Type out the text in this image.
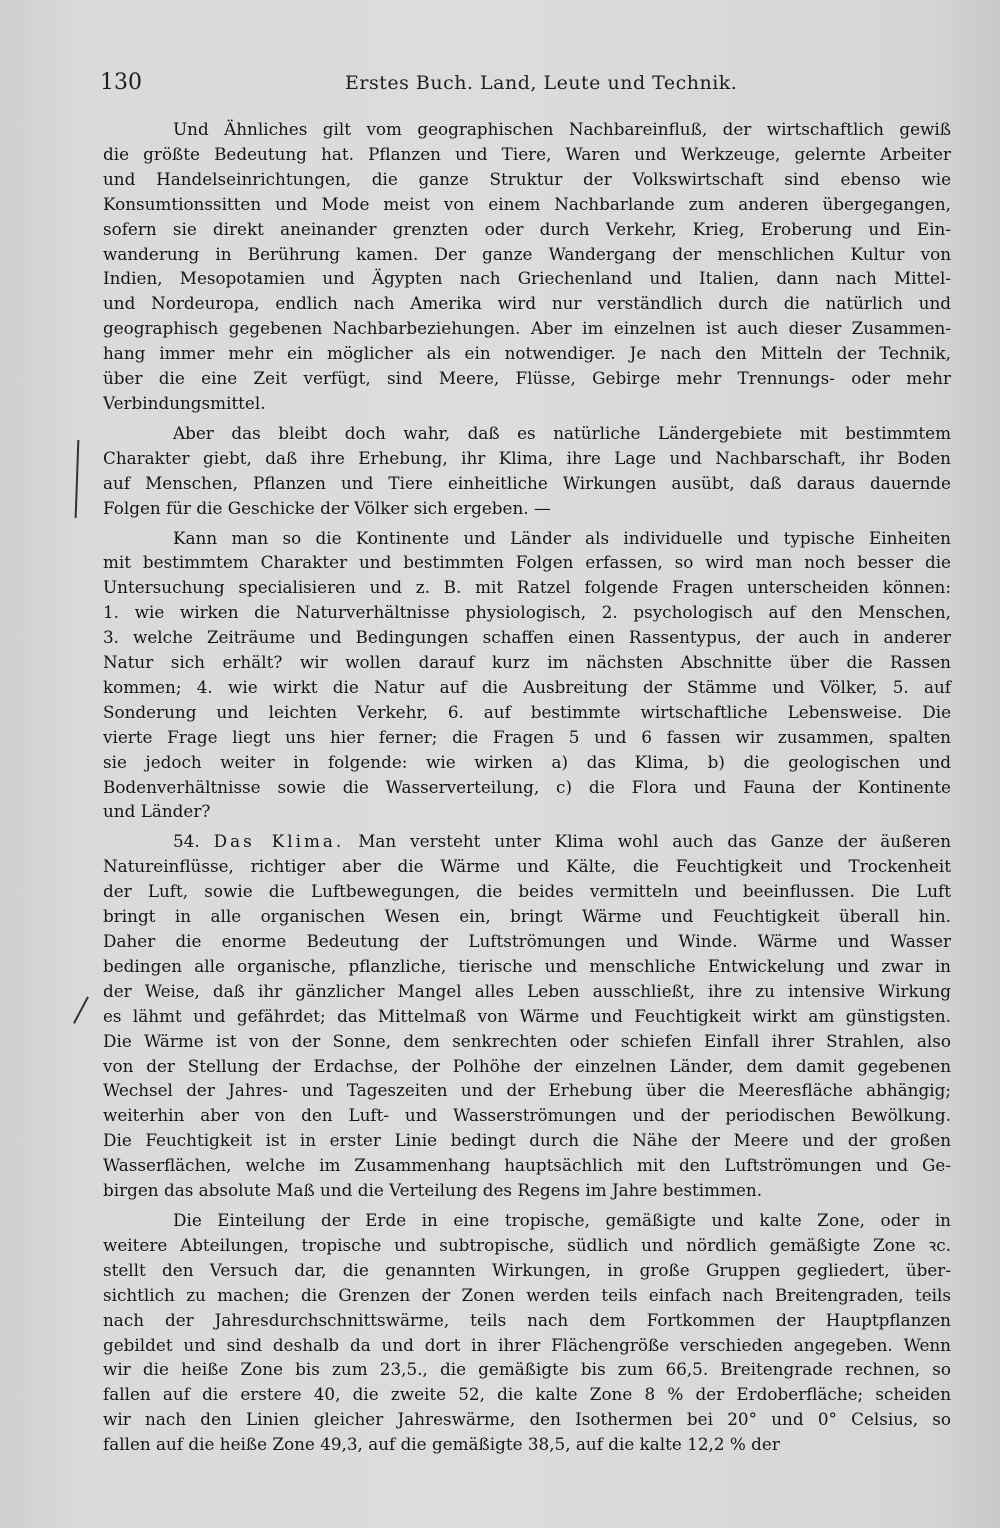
130	Erstes Buch. Land, Leute und Technik.
Und Ähnliches gilt vom geographischen Nachbareinfluß, der wirtschaftlich gewiß
die größte Bedeutung hat. Pflanzen und Tiere, Waren und Werkzeuge, gelernte Arbeiter
und Handelseinrichtungen, die ganze Struktur der Volkswirtschaft sind ebenso wie
Konsumtionssitten und Mode meist von einem Nachbarlande zum anderen übergegangen,
sofern sie direkt aneinander grenzten oder durch Verkehr, Krieg, Eroberung und Ein-
wanderung in Berührung kamen. Der ganze Wandergang der menschlichen Kultur von
Indien, Mesopotamien und Ägypten nach Griechenland und Italien, dann nach Mittel-
und Nordeuropa, endlich nach Amerika wird nur verständlich durch die natürlich und
geographisch gegebenen Nachbarbeziehungen. Aber im einzelnen ist auch dieser Zusammen-
hang immer mehr ein möglicher als ein notwendiger. Je nach den Mitteln der Technik,
über die eine Zeit verfügt, sind Meere, Flüsse, Gebirge mehr Trennungs- oder mehr
Verbindungsmittel.
Aber das bleibt doch wahr, daß es natürliche Ländergebiete mit bestimmtem
Charakter giebt, daß ihre Erhebung, ihr Klima, ihre Lage und Nachbarschaft, ihr Boden
auf Menschen, Pflanzen und Tiere einheitliche Wirkungen ausübt, daß daraus dauernde
Folgen für die Geschicke der Völker sich ergeben. —
Kann man so die Kontinente und Länder als individuelle und typische Einheiten
mit bestimmtem Charakter und bestimmten Folgen erfassen, so wird man noch besser die
Untersuchung specialisieren und z. B. mit Ratzel folgende Fragen unterscheiden können:
1. wie wirken die Naturverhältnisse physiologisch, 2. psychologisch auf den Menschen,
3. welche Zeiträume und Bedingungen schaffen einen Rassentypus, der auch in anderer
Natur sich erhält? wir wollen darauf kurz im nächsten Abschnitte über die Rassen
kommen; 4. wie wirkt die Natur auf die Ausbreitung der Stämme und Völker, 5. auf
Sonderung und leichten Verkehr, 6. auf bestimmte wirtschaftliche Lebensweise. Die
vierte Frage liegt uns hier ferner; die Fragen 5 und 6 fassen wir zusammen, spalten
sie jedoch weiter in folgende: wie wirken a) das Klima, b) die geologischen und
Bodenverhältnisse sowie die Wasserverteilung, c) die Flora und Fauna der Kontinente
und Länder?
54. Das Klima. Man versteht unter Klima wohl auch das Ganze der äußeren
Natureinflüsse, richtiger aber die Wärme und Kälte, die Feuchtigkeit und Trockenheit
der Luft, sowie die Luftbewegungen, die beides vermitteln und beeinflussen. Die Luft
bringt in alle organischen Wesen ein, bringt Wärme und Feuchtigkeit überall hin.
Daher die enorme Bedeutung der Luftströmungen und Winde. Wärme und Wasser
bedingen alle organische, pflanzliche, tierische und menschliche Entwickelung und zwar in
der Weise, daß ihr gänzlicher Mangel alles Leben ausschließt, ihre zu intensive Wirkung
es lähmt und gefährdet; das Mittelmaß von Wärme und Feuchtigkeit wirkt am günstigsten.
Die Wärme ist von der Sonne, dem senkrechten oder schiefen Einfall ihrer Strahlen, also
von der Stellung der Erdachse, der Polhöhe der einzelnen Länder, dem damit gegebenen
Wechsel der Jahres- und Tageszeiten und der Erhebung über die Meeresfläche abhängig;
weiterhin aber von den Luft- und Wasserströmungen und der periodischen Bewölkung.
Die Feuchtigkeit ist in erster Linie bedingt durch die Nähe der Meere und der großen
Wasserflächen, welche im Zusammenhang hauptsächlich mit den Luftströmungen und Ge-
birgen das absolute Maß und die Verteilung des Regens im Jahre bestimmen.
Die Einteilung der Erde in eine tropische, gemäßigte und kalte Zone, oder in
weitere Abteilungen, tropische und subtropische, südlich und nördlich gemäßigte Zone ꝛc.
stellt den Versuch dar, die genannten Wirkungen, in große Gruppen gegliedert, über-
sichtlich zu machen; die Grenzen der Zonen werden teils einfach nach Breitengraden, teils
nach der Jahresdurchschnittswärme, teils nach dem Fortkommen der Hauptpflanzen
gebildet und sind deshalb da und dort in ihrer Flächengröße verschieden angegeben. Wenn
wir die heiße Zone bis zum 23,5., die gemäßigte bis zum 66,5. Breitengrade rechnen, so
fallen auf die erstere 40, die zweite 52, die kalte Zone 8 % der Erdoberfläche; scheiden
wir nach den Linien gleicher Jahreswärme, den Isothermen bei 20° und 0° Celsius, so
fallen auf die heiße Zone 49,3, auf die gemäßigte 38,5, auf die kalte 12,2 % der
